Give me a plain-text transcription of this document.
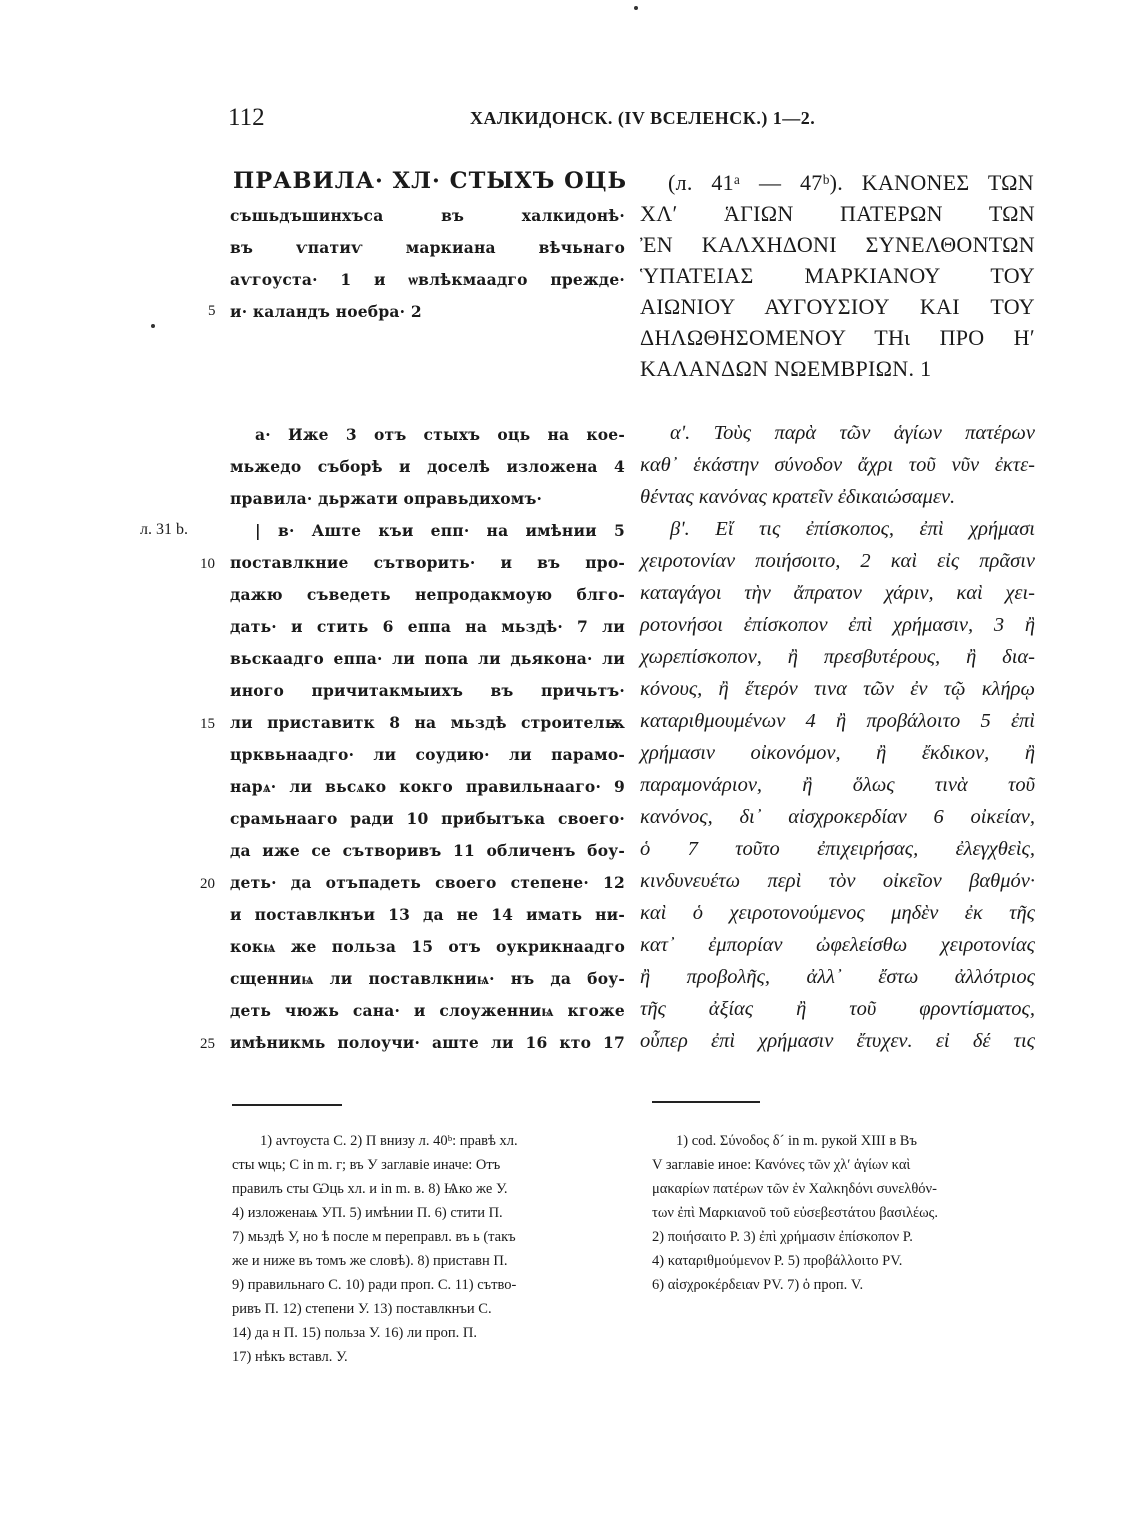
112	ХАЛКИДОНСК. (IV ВСЕЛЕНСК.) 1—2.
ПРАВИЛА· ХЛ· СТЫХЪ ОЦЬ
съшьдъшинхъса въ халкидонѣ·
въ ѵпатиѵ маркиана вѣчьнаго
аѵгоуста· 1 и ѡвлѣкмаадго прежде·
и· каландъ ноебра· 2
а· Иже 3 отъ стыхъ оць на кое-
мьжедо съборѣ и доселѣ изложена 4
правила· дьржати оправьдихомъ·
| в· Аште къи епп· на имѣнии 5
поставлкние сътворить· и въ про-
дажю съведеть непродакмоую блго-
дать· и стить 6 еппа на мьздѣ· 7 ли
вьскаадго еппа· ли попа ли дьякона· ли
иного причитакмыихъ въ причьтъ·
ли приставитк 8 на мьздѣ строителѭ
црквьнаадго· ли соудию· ли парамо-
нарѧ· ли вьсѧко кокго правильнааго· 9
срамьнааго ради 10 прибытъка своего·
да иже се сътворивъ 11 обличенъ боу-
деть· да отъпадеть своего степене· 12
и поставлкнъи 13 да не 14 имать ни-
кокѩ же польза 15 отъ оукрикнаадго
сщенниѩ ли поставлкниѩ· нъ да боу-
деть чюжь сана· и слоуженниѩ кгоже
имѣникмь полоучи· аште ли 16 кто 17
5
10
15
20
25
л. 31 b.
(л. 41ᵃ — 47ᵇ). ΚΑΝΟΝΕΣ ΤΩΝ
ΧΛʹ ἉΓΙΩΝ ΠΑΤΕΡΩΝ ΤΩΝ
ἘΝ ΚΑΛΧΗΔΟΝΙ ΣΥΝΕΛΘΟΝΤΩΝ
ὙΠΑΤΕΙΑΣ ΜΑΡΚΙΑΝΟΥ ΤΟΥ
ΑΙΩΝΙΟΥ ΑΥΓΟΥΣΙΟΥ ΚΑΙ ΤΟΥ
ΔΗΛΩΘΗΣΟΜΕΝΟΥ ΤΗι ΠΡΟ Ηʹ
ΚΑΛΑΝΔΩΝ ΝΩΕΜΒΡΙΩΝ. 1
αʹ. Τοὺς παρὰ τῶν ἁγίων πατέρων
καθ᾽ ἑκάστην σύνοδον ἄχρι τοῦ νῦν ἐκτε-
θέντας κανόνας κρατεῖν ἐδικαιώσαμεν.
βʹ. Εἴ τις ἐπίσκοπος, ἐπὶ χρήμασι
χειροτονίαν ποιήσοιτο, 2 καὶ εἰς πρᾶσιν
καταγάγοι τὴν ἄπρατον χάριν, καὶ χει-
ροτονήσοι ἐπίσκοπον ἐπὶ χρήμασιν, 3 ἢ
χωρεπίσκοπον, ἢ πρεσβυτέρους, ἢ δια-
κόνους, ἢ ἕτερόν τινα τῶν ἐν τῷ κλήρῳ
καταριθμουμένων 4 ἢ προβάλοιτο 5 ἐπὶ
χρήμασιν οἰκονόμον, ἢ ἔκδικον, ἢ
παραμονάριον, ἢ ὅλως τινὰ τοῦ
κανόνος, δι᾽ αἰσχροκερδίαν 6 οἰκείαν,
ὁ 7 τοῦτο ἐπιχειρήσας, ἐλεγχθεὶς,
κινδυνευέτω περὶ τὸν οἰκεῖον βαθμόν·
καὶ ὁ χειροτονούμενος μηδὲν ἐκ τῆς
κατ᾽ ἐμπορίαν ὠφελείσθω χειροτονίας
ἢ προβολῆς, ἀλλ᾽ ἔστω ἀλλότριος
τῆς ἀξίας ἢ τοῦ φροντίσματος,
οὗπερ ἐπὶ χρήμασιν ἔτυχεν. εἰ δέ τις
1) аѵгоуста С. 2) П внизу л. 40ᵇ: правѣ хл.
сты ѡць; С in m. г; въ У заглавіе иначе: Отъ
правилъ сты Ѡць хл. и in m. в. 8) Ѩко же У.
4) изложенаѩ УП. 5) имѣнии П. 6) стити П.
7) мьздѣ У, но ѣ после м переправл. въ ь (такъ
же и ниже въ томъ же словѣ). 8) приставн П.
9) правильнаго С. 10) ради проп. С. 11) сътво-
ривъ П. 12) степени У. 13) поставлкнъи С.
14) да н П. 15) польза У. 16) ли проп. П.
17) нѣкъ вставл. У.
1) cod. Σύνοδος δ´ in m. рукой XIII в Въ
V заглавіе иное: Κανόνες τῶν χλʹ ἁγίων καὶ
μακαρίων πατέρων τῶν ἐν Χαλκηδόνι συνελθόν-
των ἐπὶ Μαρκιανοῦ τοῦ εὐσεβεστάτου βασιλέως.
2) ποιήσαιτο P. 3) ἐπὶ χρήμασιν ἐπίσκοπον P.
4) καταριθμούμενον P. 5) προβάλλοιτο PV.
6) αἰσχροκέρδειαν PV. 7) ὁ проп. V.
